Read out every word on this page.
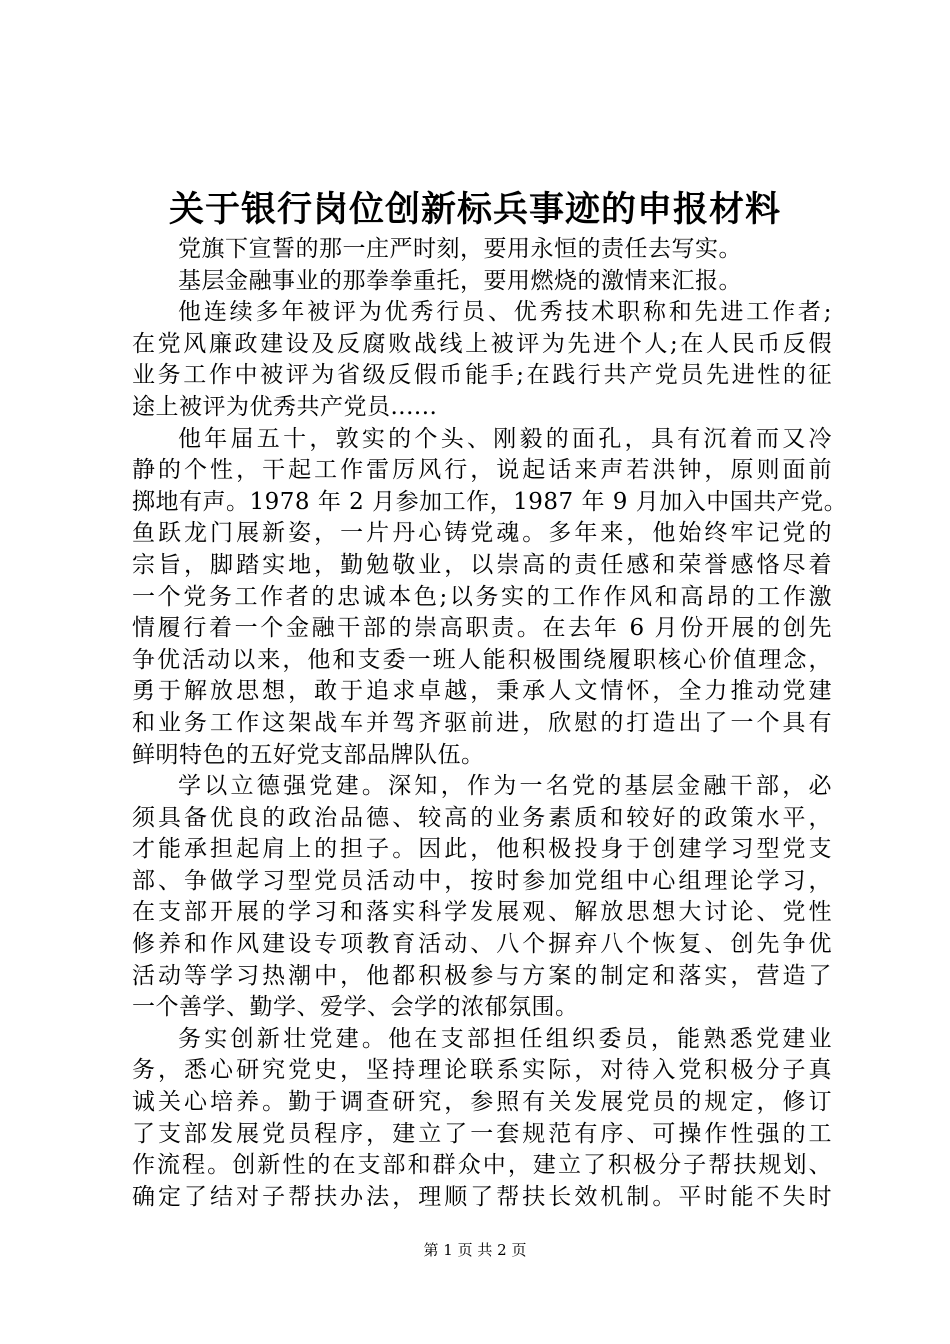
关于银行岗位创新标兵事迹的申报材料
党旗下宣誓的那一庄严时刻，要用永恒的责任去写实。
基层金融事业的那拳拳重托，要用燃烧的激情来汇报。
他连续多年被评为优秀行员、优秀技术职称和先进工作者;
在党风廉政建设及反腐败战线上被评为先进个人;在人民币反假
业务工作中被评为省级反假币能手;在践行共产党员先进性的征
途上被评为优秀共产党员......
他年届五十，敦实的个头、刚毅的面孔，具有沉着而又冷
静的个性，干起工作雷厉风行，说起话来声若洪钟，原则面前
掷地有声。1978 年 2 月参加工作，1987 年 9 月加入中国共产党。
鱼跃龙门展新姿，一片丹心铸党魂。多年来，他始终牢记党的
宗旨，脚踏实地，勤勉敬业，以崇高的责任感和荣誉感恪尽着
一个党务工作者的忠诚本色;以务实的工作作风和高昂的工作激
情履行着一个金融干部的崇高职责。在去年 6 月份开展的创先
争优活动以来，他和支委一班人能积极围绕履职核心价值理念，
勇于解放思想，敢于追求卓越，秉承人文情怀，全力推动党建
和业务工作这架战车并驾齐驱前进，欣慰的打造出了一个具有
鲜明特色的五好党支部品牌队伍。
学以立德强党建。深知，作为一名党的基层金融干部，必
须具备优良的政治品德、较高的业务素质和较好的政策水平，
才能承担起肩上的担子。因此，他积极投身于创建学习型党支
部、争做学习型党员活动中，按时参加党组中心组理论学习，
在支部开展的学习和落实科学发展观、解放思想大讨论、党性
修养和作风建设专项教育活动、八个摒弃八个恢复、创先争优
活动等学习热潮中，他都积极参与方案的制定和落实，营造了
一个善学、勤学、爱学、会学的浓郁氛围。
务实创新壮党建。他在支部担任组织委员，能熟悉党建业
务，悉心研究党史，坚持理论联系实际，对待入党积极分子真
诚关心培养。勤于调查研究，参照有关发展党员的规定，修订
了支部发展党员程序，建立了一套规范有序、可操作性强的工
作流程。创新性的在支部和群众中，建立了积极分子帮扶规划、
确定了结对子帮扶办法，理顺了帮扶长效机制。平时能不失时
第 1 页 共 2 页
